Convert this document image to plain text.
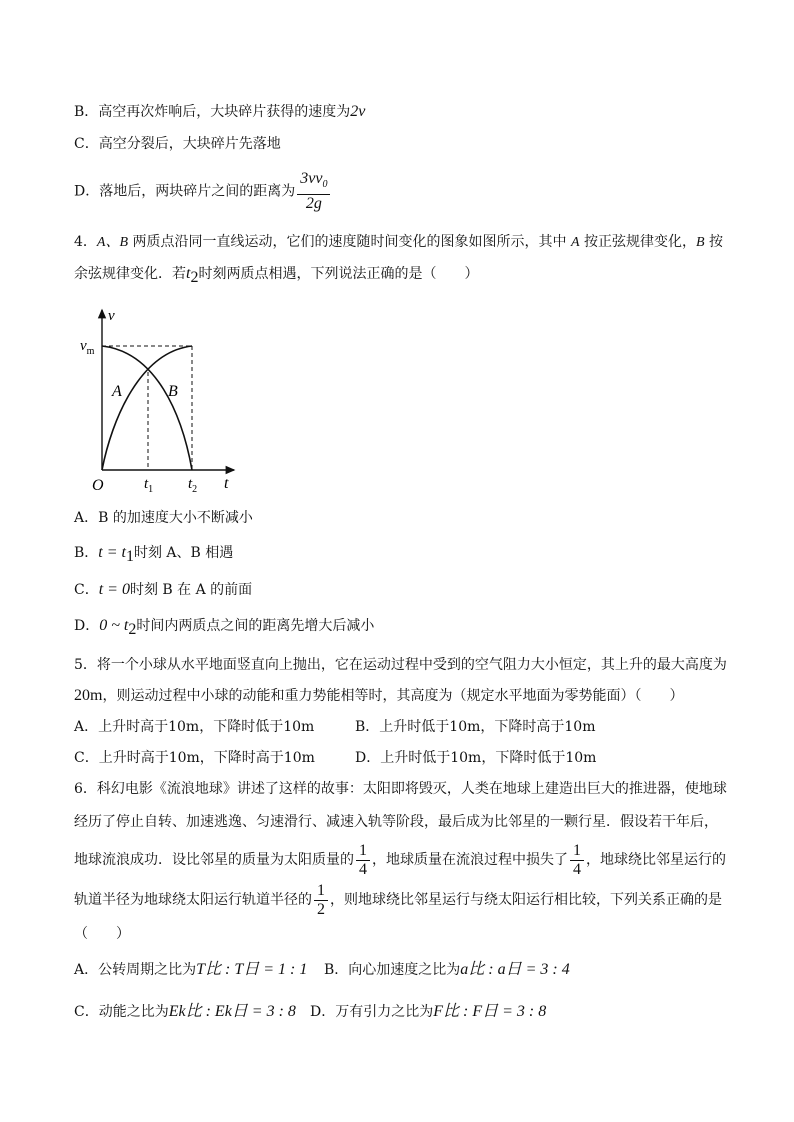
B．高空再次炸响后，大块碎片获得的速度为2v
C．高空分裂后，大块碎片先落地
D．落地后，两块碎片之间的距离为 $\frac{3vv_0}{2g}$
4．A、B 两质点沿同一直线运动，它们的速度随时间变化的图象如图所示，其中 A 按正弦规律变化，B 按
余弦规律变化．若$t_2$时刻两质点相遇，下列说法正确的是（　　）
v
$v_m$
A	B
O	$t_1$ $t_2$ t
A．B 的加速度大小不断减小
B．$t = t_1$时刻 A、B 相遇
C．t = 0时刻 B 在 A 的前面
D．0 ~ $t_2$时间内两质点之间的距离先增大后减小
5．将一个小球从水平地面竖直向上抛出，它在运动过程中受到的空气阻力大小恒定，其上升的最大高度为
20m，则运动过程中小球的动能和重力势能相等时，其高度为（规定水平地面为零势能面）（　　）
A．上升时高于10m，下降时低于10m	B．上升时低于10m，下降时高于10m
C．上升时高于10m，下降时高于10m	D．上升时低于10m，下降时低于10m
6．科幻电影《流浪地球》讲述了这样的故事：太阳即将毁灭，人类在地球上建造出巨大的推进器，使地球
经历了停止自转、加速逃逸、匀速滑行、减速入轨等阶段，最后成为比邻星的一颗行星．假设若干年后，
地球流浪成功．设比邻星的质量为太阳质量的 $\frac{1}{4}$ ，地球质量在流浪过程中损失了 $\frac{1}{4}$ ，地球绕比邻星运行的
轨道半径为地球绕太阳运行轨道半径的 $\frac{1}{2}$ ，则地球绕比邻星运行与绕太阳运行相比较，下列关系正确的是
（　　）
A．公转周期之比为T比 : T日 = 1 : 1 B．向心加速度之比为a比 : a日 = 3 : 4
C．动能之比为Ek比 : Ek日 = 3 : 8 D．万有引力之比为F比 : F日 = 3 : 8
